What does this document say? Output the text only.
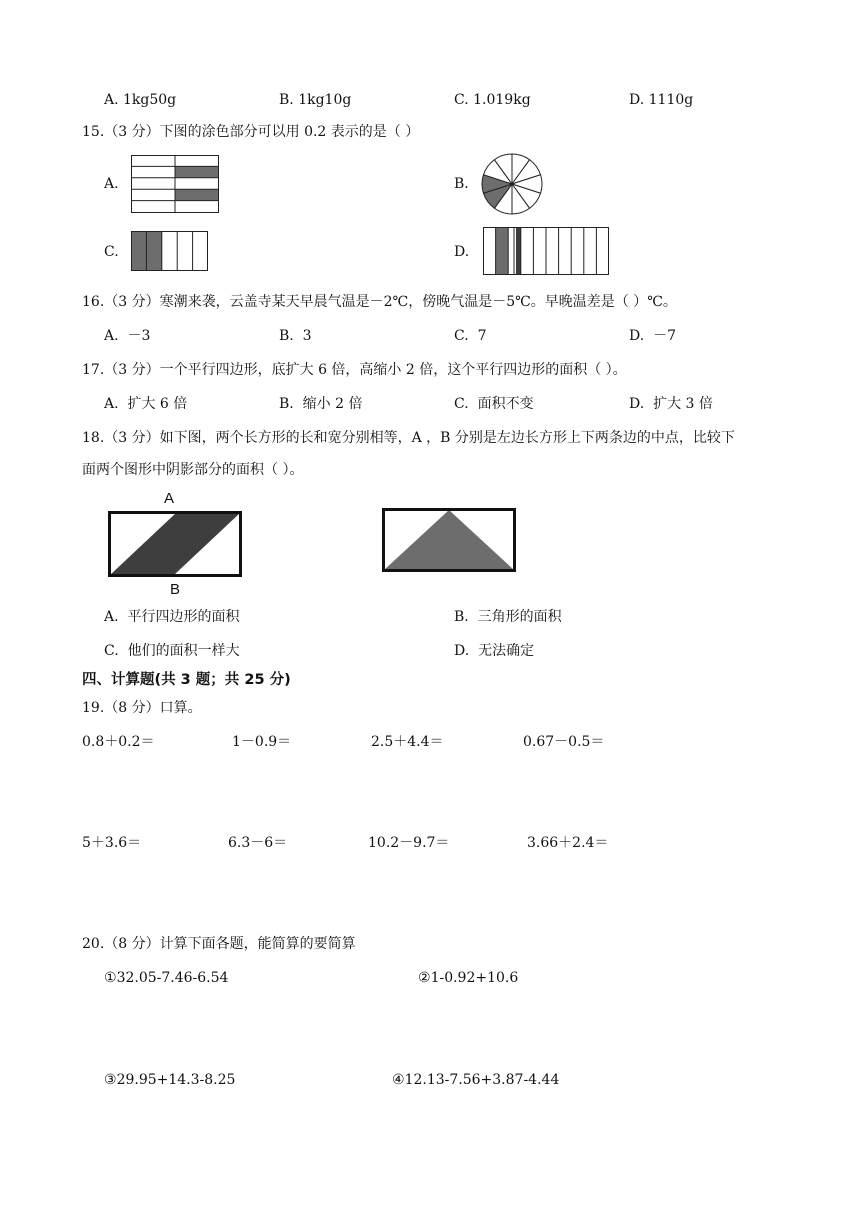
A. 1kg50g	B. 1kg10g	C. 1.019kg	D. 1110g
15.（3 分）下图的涂色部分可以用 0.2 表示的是（ ）
A.	B.
C.	D.
16.（3 分）寒潮来袭，云盖寺某天早晨气温是－2℃，傍晚气温是－5℃。早晚温差是（ ）℃。
A. －3	B. 3	C. 7	D. －7
17.（3 分）一个平行四边形，底扩大 6 倍，高缩小 2 倍，这个平行四边形的面积（ ）。
A. 扩大 6 倍	B. 缩小 2 倍	C. 面积不变	D. 扩大 3 倍
18.（3 分）如下图，两个长方形的长和宽分别相等，A ，B 分别是左边长方形上下两条边的中点，比较下
面两个图形中阴影部分的面积（ ）。
A
B
A. 平行四边形的面积	B. 三角形的面积
C. 他们的面积一样大	D. 无法确定
四、计算题(共 3 题；共 25 分)
19.（8 分）口算。
0.8＋0.2＝	1－0.9＝	2.5＋4.4＝	0.67－0.5＝
5＋3.6＝	6.3－6＝	10.2－9.7＝	3.66＋2.4＝
20.（8 分）计算下面各题，能简算的要简算
①32.05-7.46-6.54	②1-0.92+10.6
③29.95+14.3-8.25	④12.13-7.56+3.87-4.44
